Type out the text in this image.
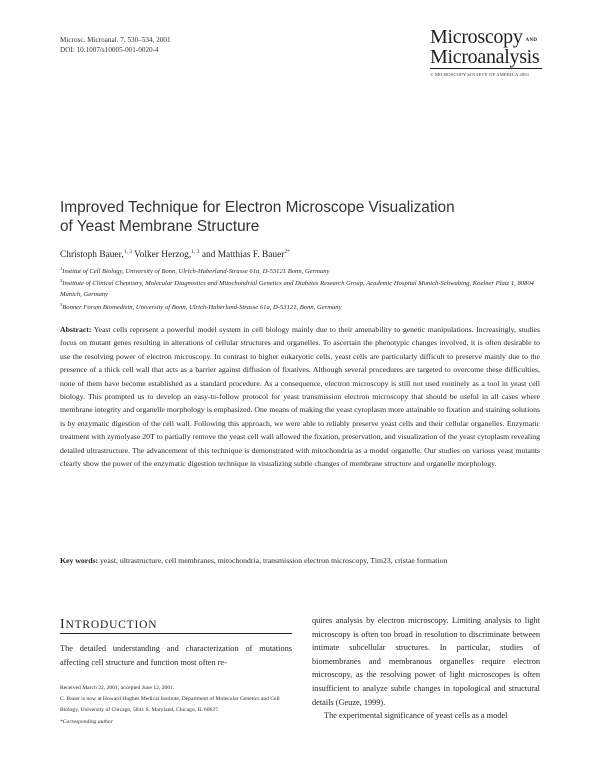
Microsc. Microanal. 7, 530–534, 2001
DOI: 10.1007/s10005-001-0020-4
Microscopy AND
Microanalysis
© MICROSCOPY SOCIETY OF AMERICA 2001
Improved Technique for Electron Microscope Visualization of Yeast Membrane Structure
Christoph Bauer,$^{1, 3}$ Volker Herzog,$^{1, 3}$ and Matthias F. Bauer$^{2*}$
$^1$Institut of Cell Biology, University of Bonn, Ulrich-Haberland-Strasse 61a, D-53121 Bonn, Germany
$^2$Institute of Clinical Chemistry, Molecular Diagnostics and Mitochondrial Genetics and Diabetes Research Group, Academic Hospital Munich-Schwabing, Koelner Platz 1, 80804 Munich, Germany
$^3$Bonner Forum Biomedizin, University of Bonn, Ulrich-Haberland-Strasse 61a, D-53121, Bonn, Germany
Abstract: Yeast cells represent a powerful model system in cell biology mainly due to their amenability to genetic manipulations. Increasingly, studies focus on mutant genes resulting in alterations of cellular structures and organelles. To ascertain the phenotypic changes involved, it is often desirable to use the resolving power of electron microscopy. In contrast to higher eukaryotic cells, yeast cells are particularly difficult to preserve mainly due to the presence of a thick cell wall that acts as a barrier against diffusion of fixatives. Although several procedures are targeted to overcome these difficulties, none of them have become established as a standard procedure. As a consequence, electron microscopy is still not used routinely as a tool in yeast cell biology. This prompted us to develop an easy-to-follow protocol for yeast transmission electron microscopy that should be useful in all cases where membrane integrity and organelle morphology is emphasized. One means of making the yeast cytoplasm more attainable to fixation and staining solutions is by enzymatic digestion of the cell wall. Following this approach, we were able to reliably preserve yeast cells and their cellular organelles. Enzymatic treatment with zymolyase 20T to partially remove the yeast cell wall allowed the fixation, preservation, and visualization of the yeast cytoplasm revealing detailed ultrastructure. The advancement of this technique is demonstrated with mitochondria as a model organelle. Our studies on various yeast mutants clearly show the power of the enzymatic digestion technique in visualizing subtle changes of membrane structure and organelle morphology.
Key words: yeast, ultrastructure, cell membranes, mitochondria, transmission electron microscopy, Tim23, cristae formation
INTRODUCTION
The detailed understanding and characterization of mutations affecting cell structure and function most often re-
Received March 22, 2001; accepted June 12, 2001.
C. Bauer is now at Howard Hughes Medical Institute, Department of Molecular Genetics and Cell Biology, University of Chicago, 5841 S. Maryland, Chicago, IL 60637.
*Corresponding author
quires analysis by electron microscopy. Limiting analysis to light microscopy is often too broad in resolution to discriminate between intimate subcellular structures. In particular, studies of biomembranes and membranous organelles require electron microscopy, as the resolving power of light microscopes is often insufficient to analyze subtle changes in topological and structural details (Geuze, 1999).
The experimental significance of yeast cells as a model
